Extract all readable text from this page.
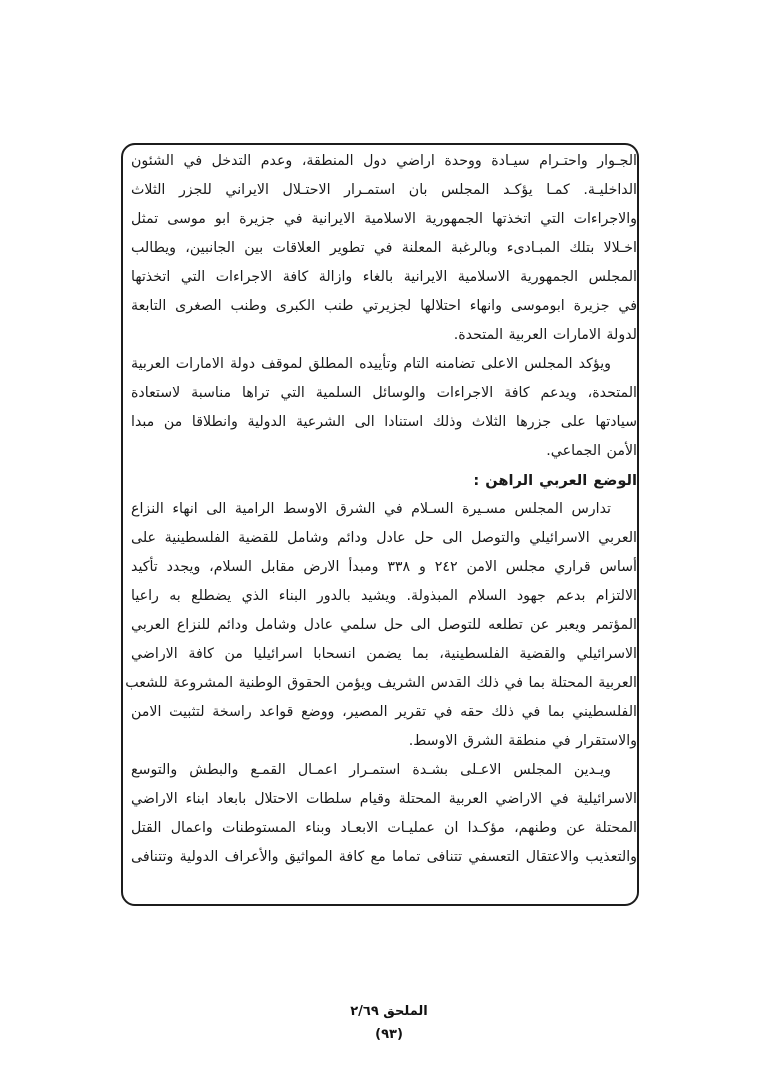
الجـوار واحتـرام سيـادة ووحدة اراضي دول المنطقة، وعدم التدخل في الشئون
الداخليـة. كمـا يؤكـد المجلس بان استمـرار الاحتـلال الايراني للجزر الثلاث
والاجراءات التي اتخذتها الجمهورية الاسلامية الايرانية في جزيرة ابو موسى تمثل
اخـلالا بتلك المبـادىء وبالرغبة المعلنة في تطوير العلاقات بين الجانبين، ويطالب
المجلس الجمهورية الاسلامية الايرانية بالغاء وازالة كافة الاجراءات التي اتخذتها
في جزيرة ابوموسى وانهاء احتلالها لجزيرتي طنب الكبرى وطنب الصغرى التابعة
لدولة الامارات العربية المتحدة.
ويؤكد المجلس الاعلى تضامنه التام وتأييده المطلق لموقف دولة الامارات العربية
المتحدة، ويدعم كافة الاجراءات والوسائل السلمية التي تراها مناسبة لاستعادة
سيادتها على جزرها الثلاث وذلك استنادا الى الشرعية الدولية وانطلاقا من مبدا
الأمن الجماعي.
الوضع العربي الراهن :
تدارس المجلس مسـيرة السـلام في الشرق الاوسط الرامية الى انهاء النزاع
العربي الاسرائيلي والتوصل الى حل عادل ودائم وشامل للقضية الفلسطينية على
أساس قراري مجلس الامن ٢٤٢ و ٣٣٨ ومبدأ الارض مقابل السلام، ويجدد تأكيد
الالتزام بدعم جهود السلام المبذولة. ويشيد بالدور البناء الذي يضطلع به راعيا
المؤتمر ويعبر عن تطلعه للتوصل الى حل سلمي عادل وشامل ودائم للنزاع العربي
الاسرائيلي والقضية الفلسطينية، بما يضمن انسحابا اسرائيليا من كافة الاراضي
العربية المحتلة بما في ذلك القدس الشريف ويؤمن الحقوق الوطنية المشروعة للشعب
الفلسطيني بما في ذلك حقه في تقرير المصير، ووضع قواعد راسخة لتثبيت الامن
والاستقرار في منطقة الشرق الاوسط.
ويـدين المجلس الاعـلى بشـدة استمـرار اعمـال القمـع والبطش والتوسع
الاسرائيلية في الاراضي العربية المحتلة وقيام سلطات الاحتلال بابعاد ابناء الاراضي
المحتلة عن وطنهم، مؤكـدا ان عمليـات الابعـاد وبناء المستوطنات واعمال القتل
والتعذيب والاعتقال التعسفي تتنافى تماما مع كافة المواثيق والأعراف الدولية وتتنافى
الملحق ٢/٦٩
(٩٣)
